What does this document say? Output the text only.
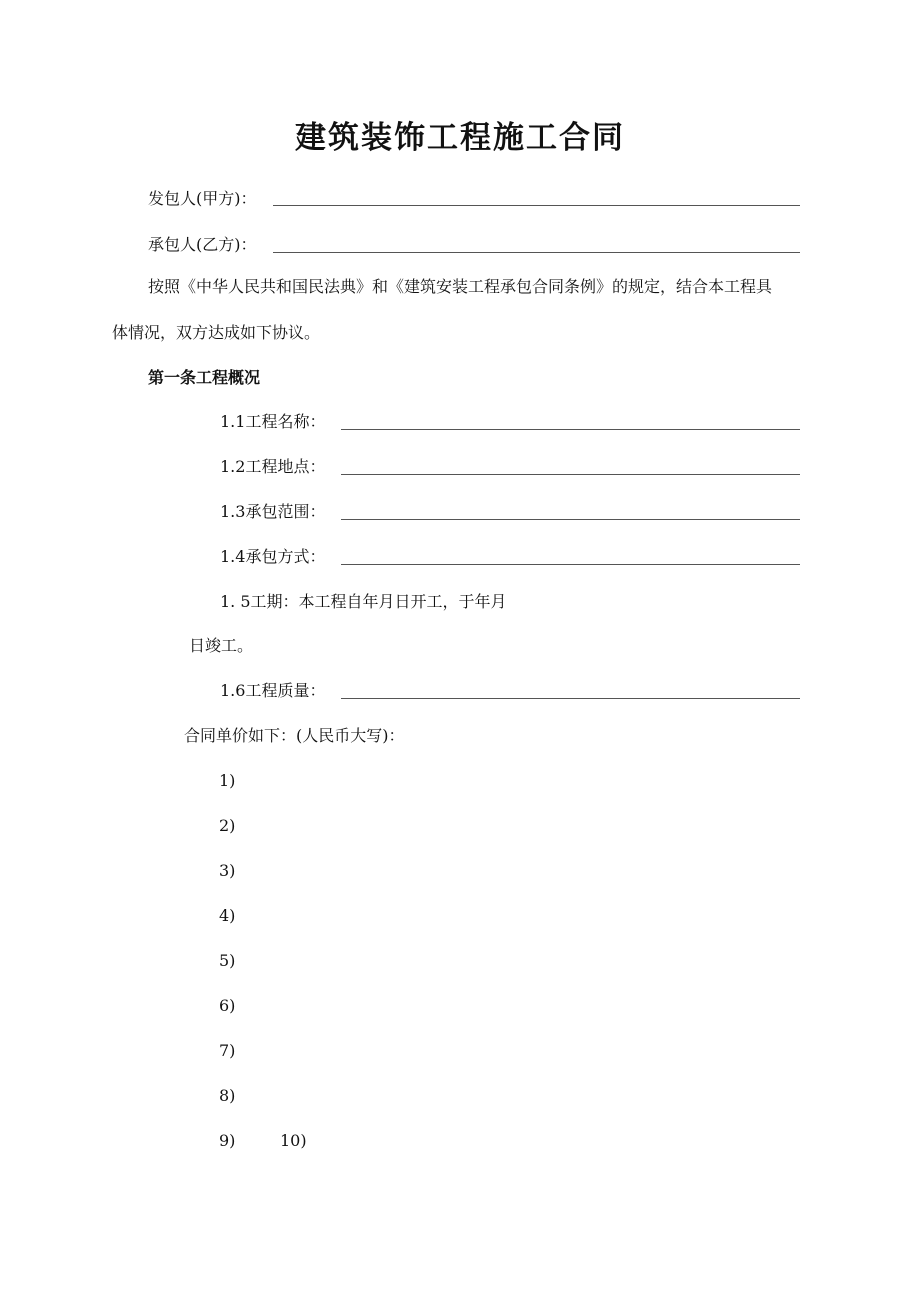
建筑装饰工程施工合同
发包人(甲方)：
承包人(乙方)：
按照《中华人民共和国民法典》和《建筑安装工程承包合同条例》的规定，结合本工程具
体情况，双方达成如下协议。
第一条工程概况
1.1工程名称：
1.2工程地点：
1.3承包范围：
1.4承包方式：
1. 5工期：本工程自年月日开工，于年月
日竣工。
1.6工程质量：
合同单价如下：(人民币大写)：
1)
2)
3)
4)
5)
6)
7)
8)
9)	10)
